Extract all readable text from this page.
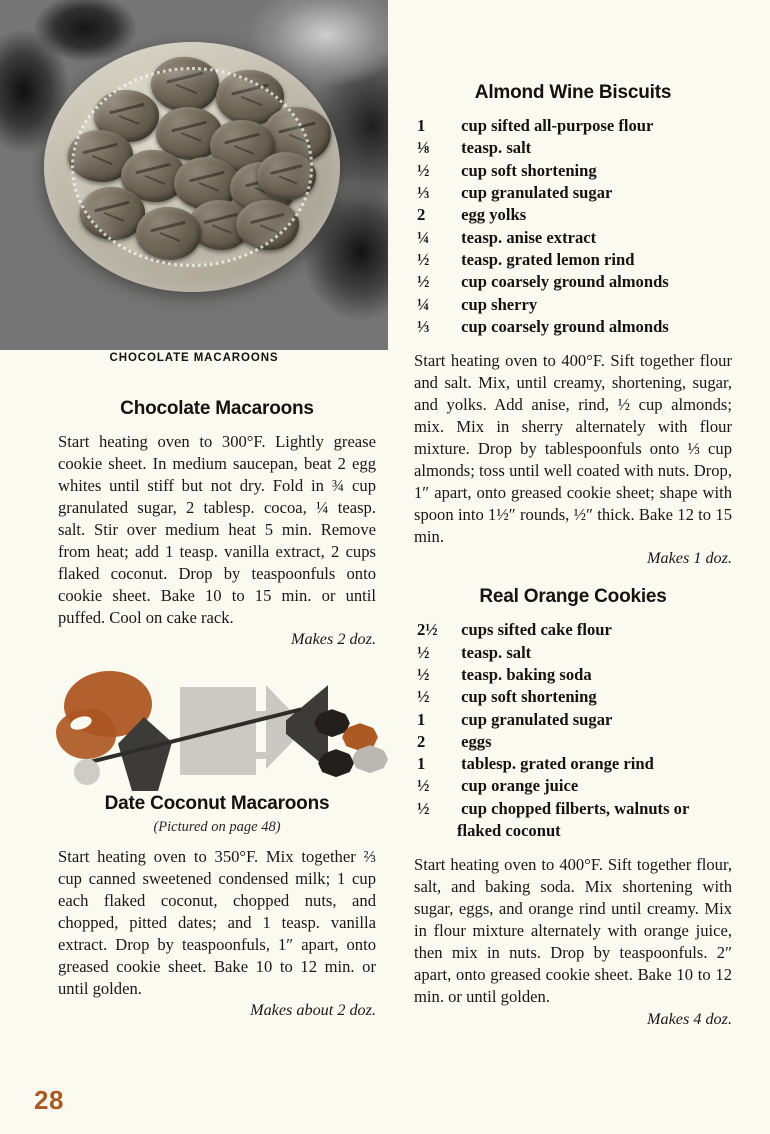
CHOCOLATE MACAROONS
Chocolate Macaroons

Start heating oven to 300°F. Lightly grease cookie sheet. In medium saucepan, beat 2 egg whites until stiff but not dry. Fold in ¾ cup granulated sugar, 2 tablesp. cocoa, ¼ teasp. salt. Stir over medium heat 5 min. Remove from heat; add 1 teasp. vanilla extract, 2 cups flaked coconut. Drop by teaspoonfuls onto cookie sheet. Bake 10 to 15 min. or until puffed. Cool on cake rack.

Makes 2 doz.

Date Coconut Macaroons
(Pictured on page 48)

Start heating oven to 350°F. Mix together ⅔ cup canned sweetened condensed milk; 1 cup each flaked coconut, chopped nuts, and chopped, pitted dates; and 1 teasp. vanilla extract. Drop by teaspoonfuls, 1″ apart, onto greased cookie sheet. Bake 10 to 12 min. or until golden.

Makes about 2 doz.

Almond Wine Biscuits
1 cup sifted all-purpose flour
⅛ teasp. salt
½ cup soft shortening
⅓ cup granulated sugar
2 egg yolks
¼ teasp. anise extract
½ teasp. grated lemon rind
½ cup coarsely ground almonds
¼ cup sherry
⅓ cup coarsely ground almonds

Start heating oven to 400°F. Sift together flour and salt. Mix, until creamy, shortening, sugar, and yolks. Add anise, rind, ½ cup almonds; mix. Mix in sherry alternately with flour mixture. Drop by tablespoonfuls onto ⅓ cup almonds; toss until well coated with nuts. Drop, 1″ apart, onto greased cookie sheet; shape with spoon into 1½″ rounds, ½″ thick. Bake 12 to 15 min.

Makes 1 doz.

Real Orange Cookies
2½ cups sifted cake flour
½ teasp. salt
½ teasp. baking soda
½ cup soft shortening
1 cup granulated sugar
2 eggs
1 tablesp. grated orange rind
½ cup orange juice
½ cup chopped filberts, walnuts or flaked coconut

Start heating oven to 400°F. Sift together flour, salt, and baking soda. Mix shortening with sugar, eggs, and orange rind until creamy. Mix in flour mixture alternately with orange juice, then mix in nuts. Drop by teaspoonfuls. 2″ apart, onto greased cookie sheet. Bake 10 to 12 min. or until golden.

Makes 4 doz.

28
